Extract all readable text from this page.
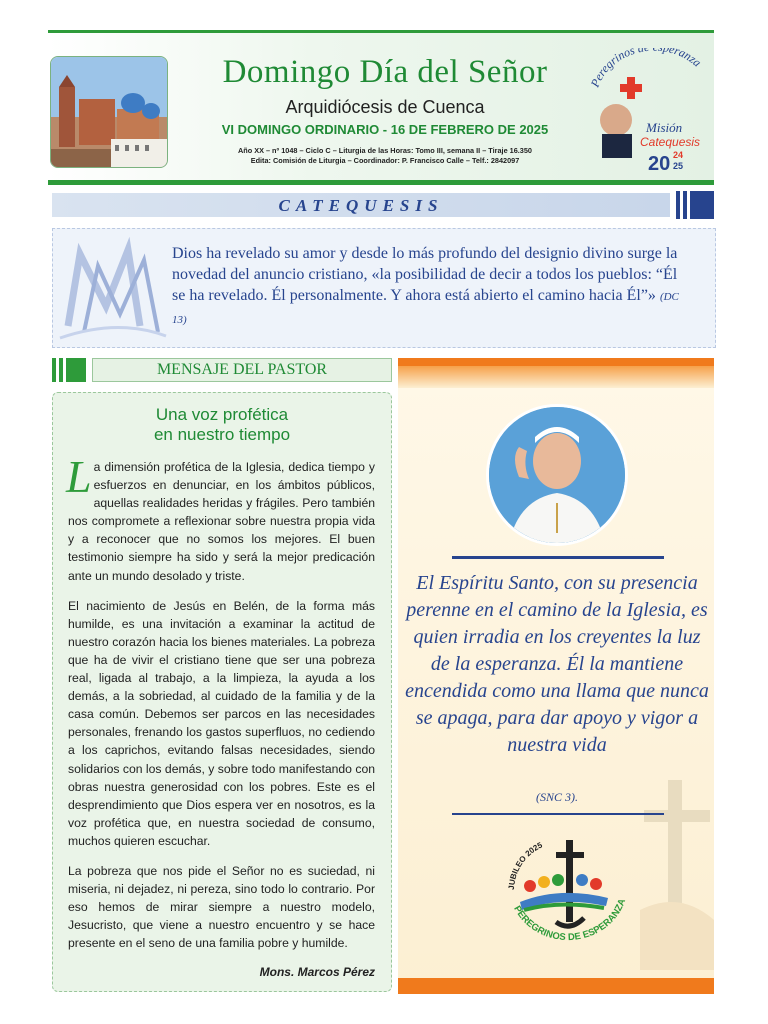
Domingo Día del Señor
Arquidiócesis de Cuenca
VI DOMINGO ORDINARIO - 16 DE FEBRERO DE 2025
Año XX – nº 1048 – Ciclo C – Liturgia de las Horas: Tomo III, semana II – Tiraje 16.350
Edita: Comisión de Liturgia – Coordinador: P. Francisco Calle – Telf.: 2842097
eregrinos eranza
Misión
Catequesis
20 24
25
CATEQUESIS
Dios ha revelado su amor y desde lo más profundo del designio divino surge la novedad del anuncio cristiano, «la posibilidad de decir a todos los pueblos: “Él se ha revelado. Él personalmente. Y ahora está abierto el camino hacia Él”» (DC 13)
MENSAJE DEL PASTOR
Una voz profética
en nuestro tiempo

La dimensión profética de la Iglesia, dedica tiempo y esfuerzos en denunciar, en los ámbitos públicos, aquellas realidades heridas y frágiles. Pero también nos compromete a reflexionar sobre nuestra propia vida y a reconocer que no somos los mejores. El buen testimonio siempre ha sido y será la mejor predicación ante un mundo desolado y triste.

El nacimiento de Jesús en Belén, de la forma más humilde, es una invitación a examinar la actitud de nuestro corazón hacia los bienes materiales. La pobreza que ha de vivir el cristiano tiene que ser una pobreza real, ligada al trabajo, a la limpieza, la ayuda a los demás, a la sobriedad, al cuidado de la familia y de la casa común. Debemos ser parcos en las necesidades personales, frenando los gastos superfluos, no cediendo a los caprichos, evitando falsas necesidades, siendo solidarios con los demás, y sobre todo manifestando con obras nuestra generosidad con los pobres. Este es el desprendimiento que Dios espera ver en nosotros, es la voz profética que, en nuestra sociedad de consumo, muchos quieren escuchar.

La pobreza que nos pide el Señor no es suciedad, ni miseria, ni dejadez, ni pereza, sino todo lo contrario. Por eso hemos de mirar siempre a nuestro modelo, Jesucristo, que viene a nuestro encuentro y se hace presente en el seno de una familia pobre y humilde.

Mons. Marcos Pérez
El Espíritu Santo, con su presencia perenne en el camino de la Iglesia, es quien irradia en los creyentes la luz de la esperanza. Él la mantiene encendida como una llama que nunca se apaga, para dar apoyo y vigor a nuestra vida
(SNC 3).
JUBILEO 2025
PEREGRINOS DE ESPERANZA
